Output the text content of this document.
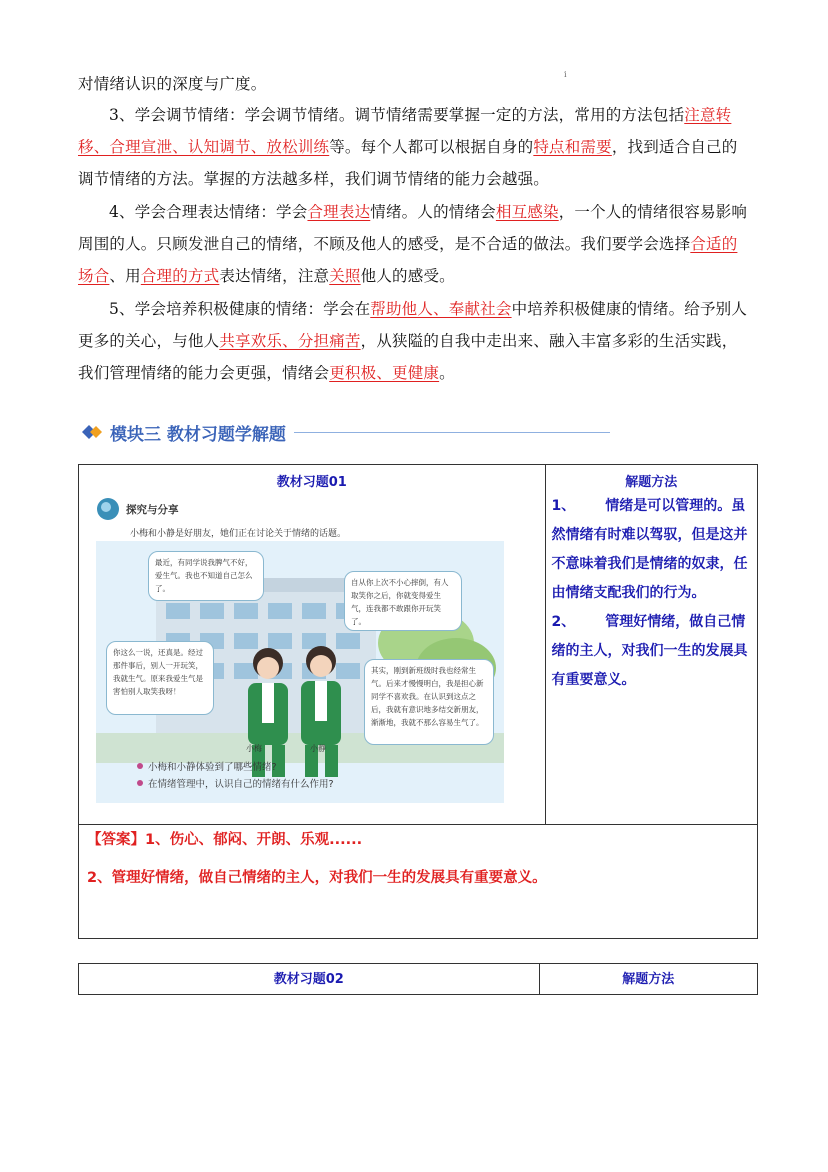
ⅰ
对情绪认识的深度与广度。
3、学会调节情绪：学会调节情绪。调节情绪需要掌握一定的方法，常用的方法包括注意转移、合理宣泄、认知调节、放松训练等。每个人都可以根据自身的特点和需要，找到适合自己的调节情绪的方法。掌握的方法越多样，我们调节情绪的能力会越强。
4、学会合理表达情绪：学会合理表达情绪。人的情绪会相互感染，一个人的情绪很容易影响周围的人。只顾发泄自己的情绪，不顾及他人的感受，是不合适的做法。我们要学会选择合适的场合、用合理的方式表达情绪，注意关照他人的感受。
5、学会培养积极健康的情绪：学会在帮助他人、奉献社会中培养积极健康的情绪。给予别人更多的关心，与他人共享欢乐、分担痛苦，从狭隘的自我中走出来、融入丰富多彩的生活实践，我们管理情绪的能力会更强，情绪会更积极、更健康。
模块三 教材习题学解题
教材习题01	解题方法
1、 情绪是可以管理的。虽然情绪有时难以驾驭，但是这并不意味着我们是情绪的奴隶，任由情绪支配我们的行为。
2、 管理好情绪，做自己情绪的主人，对我们一生的发展具有重要意义。

【答案】1、伤心、郁闷、开朗、乐观......
2、管理好情绪，做自己情绪的主人，对我们一生的发展具有重要意义。
探究与分享
小梅和小静是好朋友，她们正在讨论关于情绪的话题。
最近，有同学说我脾气不好，爱生气。我也不知道自己怎么了。
自从你上次不小心摔倒，有人取笑你之后，你就变得爱生气，连我都不敢跟你开玩笑了。
你这么一说，还真是。经过那件事后，别人一开玩笑，我就生气。原来我爱生气是害怕别人取笑我呀！
其实，刚到新班级时我也经常生气。后来才慢慢明白，我是担心新同学不喜欢我。在认识到这点之后，我就有意识地多结交新朋友，渐渐地，我就不那么容易生气了。
小梅	小静
小梅和小静体验到了哪些情绪?
在情绪管理中，认识自己的情绪有什么作用?
教材习题02	解题方法
